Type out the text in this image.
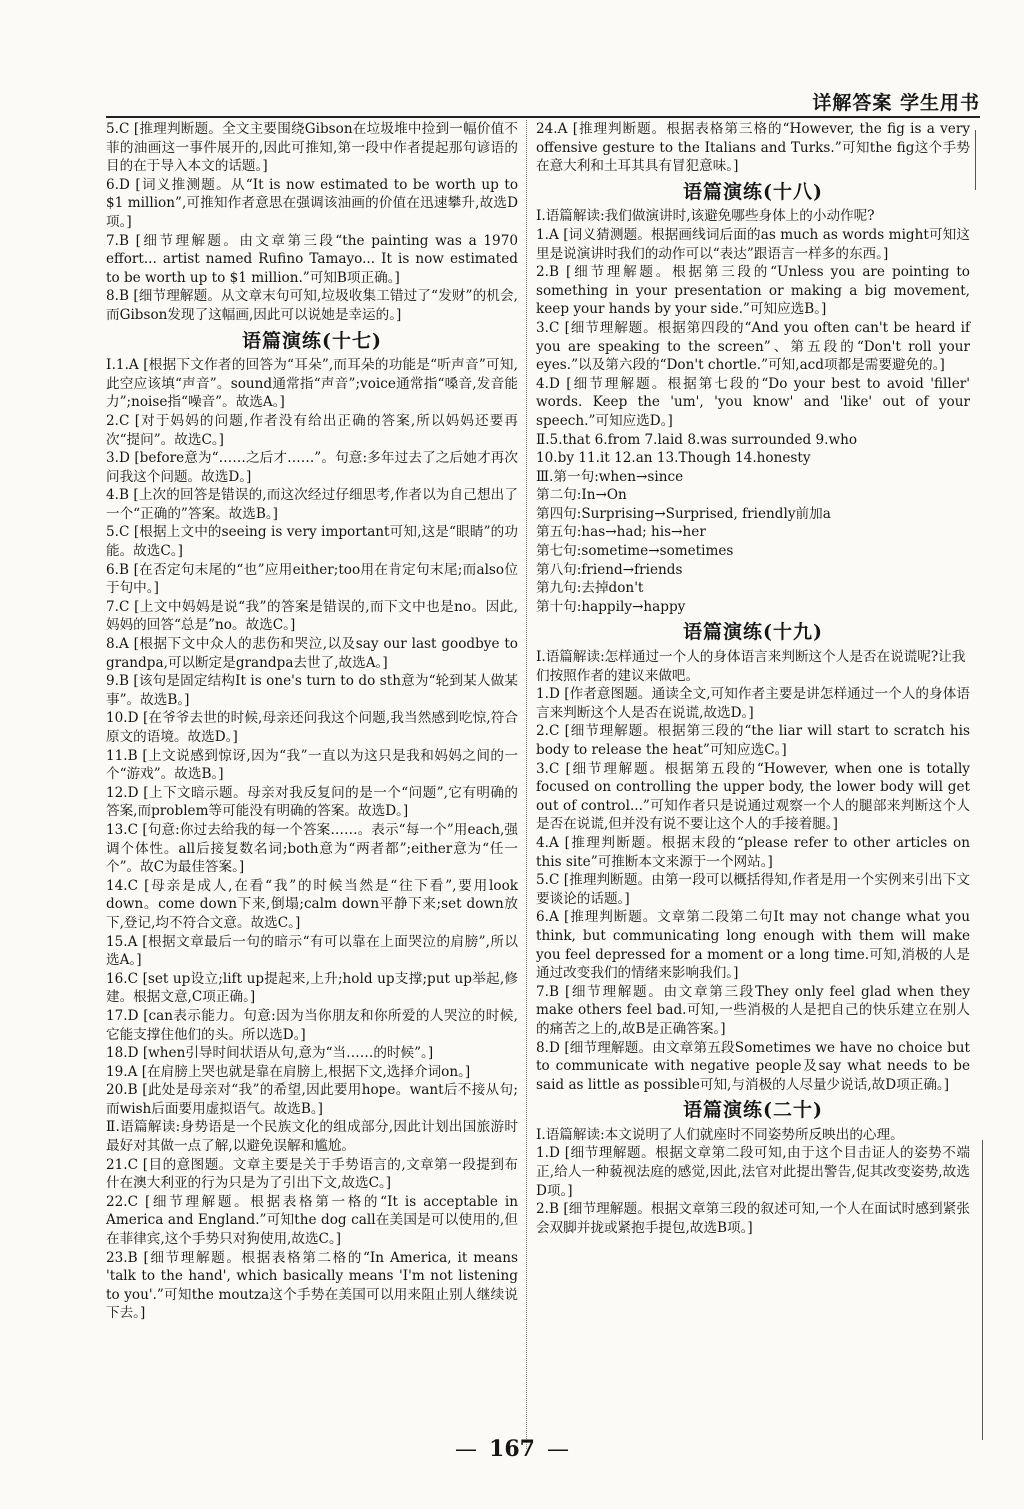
详解答案 学生用书

5.C [推理判断题。全文主要围绕Gibson在垃圾堆中捡到一幅价值不菲的油画这一事件展开的,因此可推知,第一段中作者提起那句谚语的目的在于导入本文的话题。]

6.D [词义推测题。从“It is now estimated to be worth up to $1 million”,可推知作者意思在强调该油画的价值在迅速攀升,故选D项。]

7.B [细节理解题。由文章第三段“the painting was a 1970 effort... artist named Rufino Tamayo... It is now estimated to be worth up to $1 million.”可知B项正确。]

8.B [细节理解题。从文章末句可知,垃圾收集工错过了“发财”的机会,而Gibson发现了这幅画,因此可以说她是幸运的。]

语篇演练(十七)

Ⅰ.1.A [根据下文作者的回答为“耳朵”,而耳朵的功能是“听声音”可知,此空应该填“声音”。sound通常指“声音”;voice通常指“嗓音,发音能力”;noise指“噪音”。故选A。]

2.C [对于妈妈的问题,作者没有给出正确的答案,所以妈妈还要再次“提问”。故选C。]

3.D [before意为“……之后才……”。句意:多年过去了之后她才再次问我这个问题。故选D。]

4.B [上次的回答是错误的,而这次经过仔细思考,作者以为自己想出了一个“正确的”答案。故选B。]

5.C [根据上文中的seeing is very important可知,这是“眼睛”的功能。故选C。]

6.B [在否定句末尾的“也”应用either;too用在肯定句末尾;而also位于句中。]

7.C [上文中妈妈是说“我”的答案是错误的,而下文中也是no。因此,妈妈的回答“总是”no。故选C。]

8.A [根据下文中众人的悲伤和哭泣,以及say our last goodbye to grandpa,可以断定是grandpa去世了,故选A。]

9.B [该句是固定结构It is one's turn to do sth意为“轮到某人做某事”。故选B。]

10.D [在爷爷去世的时候,母亲还问我这个问题,我当然感到吃惊,符合原文的语境。故选D。]

11.B [上文说感到惊讶,因为“我”一直以为这只是我和妈妈之间的一个“游戏”。故选B。]

12.D [上下文暗示题。母亲对我反复问的是一个“问题”,它有明确的答案,而problem等可能没有明确的答案。故选D。]

13.C [句意:你过去给我的每一个答案……。表示“每一个”用each,强调个体性。all后接复数名词;both意为“两者都”;either意为“任一个”。故C为最佳答案。]

14.C [母亲是成人,在看“我”的时候当然是“往下看”,要用look down。come down下来,倒塌;calm down平静下来;set down放下,登记,均不符合文意。故选C。]

15.A [根据文章最后一句的暗示“有可以靠在上面哭泣的肩膀”,所以选A。]

16.C [set up设立;lift up提起来,上升;hold up支撑;put up举起,修建。根据文意,C项正确。]

17.D [can表示能力。句意:因为当你朋友和你所爱的人哭泣的时候,它能支撑住他们的头。所以选D。]

18.D [when引导时间状语从句,意为“当……的时候”。]

19.A [在肩膀上哭也就是靠在肩膀上,根据下文,选择介词on。]

20.B [此处是母亲对“我”的希望,因此要用hope。want后不接从句;而wish后面要用虚拟语气。故选B。]

Ⅱ.语篇解读:身势语是一个民族文化的组成部分,因此计划出国旅游时最好对其做一点了解,以避免误解和尴尬。

21.C [目的意图题。文章主要是关于手势语言的,文章第一段提到布什在澳大利亚的行为只是为了引出下文,故选C。]

22.C [细节理解题。根据表格第一格的“It is acceptable in America and England.”可知the dog call在美国是可以使用的,但在菲律宾,这个手势只对狗使用,故选C。]

23.B [细节理解题。根据表格第二格的“In America, it means 'talk to the hand', which basically means 'I'm not listening to you'.”可知the moutza这个手势在美国可以用来阻止别人继续说下去。]

24.A [推理判断题。根据表格第三格的“However, the fig is a very offensive gesture to the Italians and Turks.”可知the fig这个手势在意大利和土耳其具有冒犯意味。]

语篇演练(十八)

Ⅰ.语篇解读:我们做演讲时,该避免哪些身体上的小动作呢?

1.A [词义猜测题。根据画线词后面的as much as words might可知这里是说演讲时我们的动作可以“表达”跟语言一样多的东西。]

2.B [细节理解题。根据第三段的“Unless you are pointing to something in your presentation or making a big movement, keep your hands by your side.”可知应选B。]

3.C [细节理解题。根据第四段的“And you often can't be heard if you are speaking to the screen”、第五段的“Don't roll your eyes.”以及第六段的“Don't chortle.”可知,acd项都是需要避免的。]

4.D [细节理解题。根据第七段的“Do your best to avoid 'filler' words. Keep the 'um', 'you know' and 'like' out of your speech.”可知应选D。]

Ⅱ.5.that 6.from 7.laid 8.was surrounded 9.who

10.by 11.it 12.an 13.Though 14.honesty

Ⅲ.第一句:when→since

第二句:In→On

第四句:Surprising→Surprised, friendly前加a

第五句:has→had; his→her

第七句:sometime→sometimes

第八句:friend→friends

第九句:去掉don't

第十句:happily→happy

语篇演练(十九)

Ⅰ.语篇解读:怎样通过一个人的身体语言来判断这个人是否在说谎呢?让我们按照作者的建议来做吧。

1.D [作者意图题。通读全文,可知作者主要是讲怎样通过一个人的身体语言来判断这个人是否在说谎,故选D。]

2.C [细节理解题。根据第三段的“the liar will start to scratch his body to release the heat”可知应选C。]

3.C [细节理解题。根据第五段的“However, when one is totally focused on controlling the upper body, the lower body will get out of control...”可知作者只是说通过观察一个人的腿部来判断这个人是否在说谎,但并没有说不要让这个人的手接着腿。]

4.A [推理判断题。根据末段的“please refer to other articles on this site”可推断本文来源于一个网站。]

5.C [推理判断题。由第一段可以概括得知,作者是用一个实例来引出下文要谈论的话题。]

6.A [推理判断题。文章第二段第二句It may not change what you think, but communicating long enough with them will make you feel depressed for a moment or a long time.可知,消极的人是通过改变我们的情绪来影响我们。]

7.B [细节理解题。由文章第三段They only feel glad when they make others feel bad.可知,一些消极的人是把自己的快乐建立在别人的痛苦之上的,故B是正确答案。]

8.D [细节理解题。由文章第五段Sometimes we have no choice but to communicate with negative people及say what needs to be said as little as possible可知,与消极的人尽量少说话,故D项正确。]

语篇演练(二十)

Ⅰ.语篇解读:本文说明了人们就座时不同姿势所反映出的心理。

1.D [细节理解题。根据文章第二段可知,由于这个目击证人的姿势不端正,给人一种藐视法庭的感觉,因此,法官对此提出警告,促其改变姿势,故选D项。]

2.B [细节理解题。根据文章第三段的叙述可知,一个人在面试时感到紧张会双脚并拢或紧抱手提包,故选B项。]

— 167 —
